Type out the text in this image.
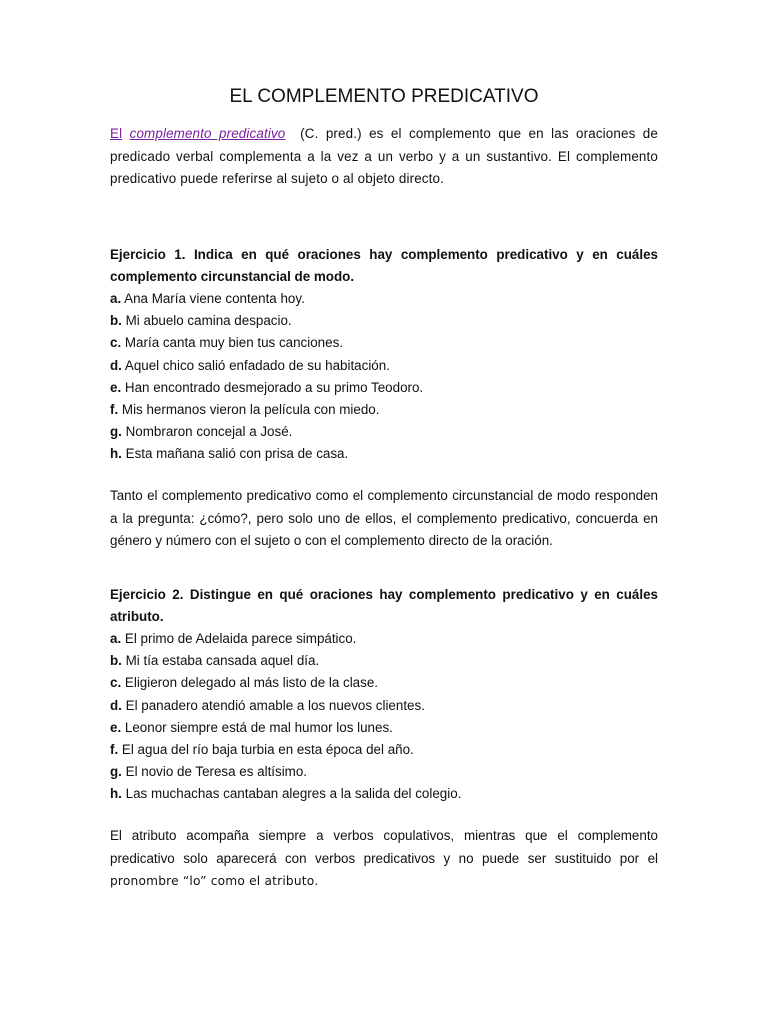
EL COMPLEMENTO PREDICATIVO
El complemento predicativo (C. pred.) es el complemento que en las oraciones de predicado verbal complementa a la vez a un verbo y a un sustantivo. El complemento predicativo puede referirse al sujeto o al objeto directo.
Ejercicio 1. Indica en qué oraciones hay complemento predicativo y en cuáles complemento circunstancial de modo.
a. Ana María viene contenta hoy.
b. Mi abuelo camina despacio.
c. María canta muy bien tus canciones.
d. Aquel chico salió enfadado de su habitación.
e. Han encontrado desmejorado a su primo Teodoro.
f. Mis hermanos vieron la película con miedo.
g. Nombraron concejal a José.
h. Esta mañana salió con prisa de casa.
Tanto el complemento predicativo como el complemento circunstancial de modo responden a la pregunta: ¿cómo?, pero solo uno de ellos, el complemento predicativo, concuerda en género y número con el sujeto o con el complemento directo de la oración.
Ejercicio 2. Distingue en qué oraciones hay complemento predicativo y en cuáles atributo.
a. El primo de Adelaida parece simpático.
b. Mi tía estaba cansada aquel día.
c. Eligieron delegado al más listo de la clase.
d. El panadero atendió amable a los nuevos clientes.
e. Leonor siempre está de mal humor los lunes.
f. El agua del río baja turbia en esta época del año.
g. El novio de Teresa es altísimo.
h. Las muchachas cantaban alegres a la salida del colegio.
El atributo acompaña siempre a verbos copulativos, mientras que el complemento predicativo solo aparecerá con verbos predicativos y no puede ser sustituido por el pronombre “lo” como el atributo.
